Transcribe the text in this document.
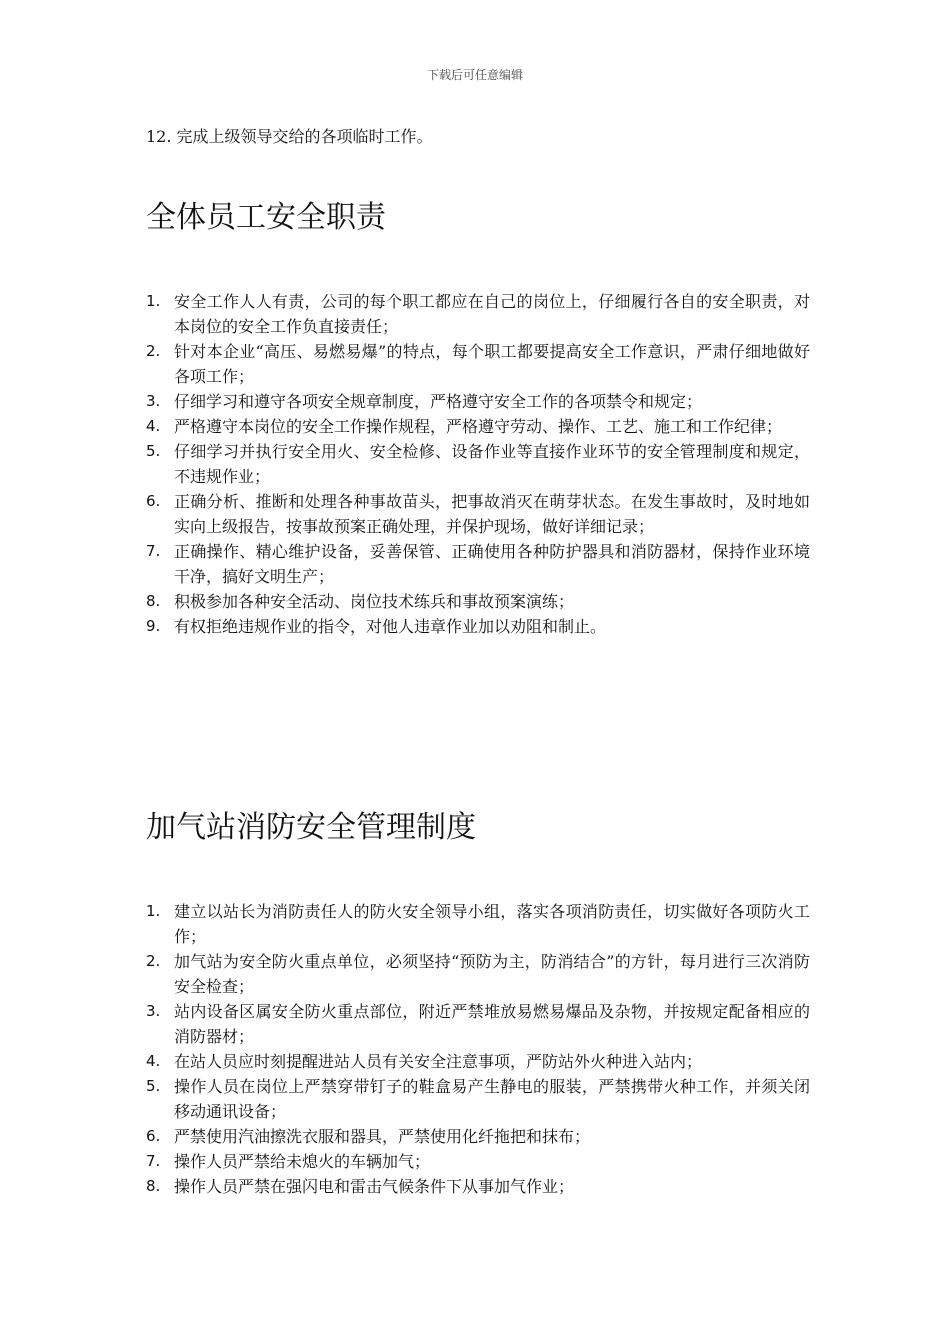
下载后可任意编辑
12. 完成上级领导交给的各项临时工作。
全体员工安全职责
1. 安全工作人人有责，公司的每个职工都应在自己的岗位上，仔细履行各自的安全职责，对本岗位的安全工作负直接责任；
2. 针对本企业“高压、易燃易爆”的特点，每个职工都要提高安全工作意识，严肃仔细地做好各项工作；
3. 仔细学习和遵守各项安全规章制度，严格遵守安全工作的各项禁令和规定；
4. 严格遵守本岗位的安全工作操作规程，严格遵守劳动、操作、工艺、施工和工作纪律；
5. 仔细学习并执行安全用火、安全检修、设备作业等直接作业环节的安全管理制度和规定，不违规作业；
6. 正确分析、推断和处理各种事故苗头，把事故消灭在萌芽状态。在发生事故时，及时地如实向上级报告，按事故预案正确处理，并保护现场，做好详细记录；
7. 正确操作、精心维护设备，妥善保管、正确使用各种防护器具和消防器材，保持作业环境干净，搞好文明生产；
8. 积极参加各种安全活动、岗位技术练兵和事故预案演练；
9. 有权拒绝违规作业的指令，对他人违章作业加以劝阻和制止。
加气站消防安全管理制度
1. 建立以站长为消防责任人的防火安全领导小组，落实各项消防责任，切实做好各项防火工作；
2. 加气站为安全防火重点单位，必须坚持“预防为主，防消结合”的方针，每月进行三次消防安全检查；
3. 站内设备区属安全防火重点部位，附近严禁堆放易燃易爆品及杂物，并按规定配备相应的消防器材；
4. 在站人员应时刻提醒进站人员有关安全注意事项，严防站外火种进入站内；
5. 操作人员在岗位上严禁穿带钉子的鞋盒易产生静电的服装，严禁携带火种工作，并须关闭移动通讯设备；
6. 严禁使用汽油擦洗衣服和器具，严禁使用化纤拖把和抹布；
7. 操作人员严禁给未熄火的车辆加气；
8. 操作人员严禁在强闪电和雷击气候条件下从事加气作业；
